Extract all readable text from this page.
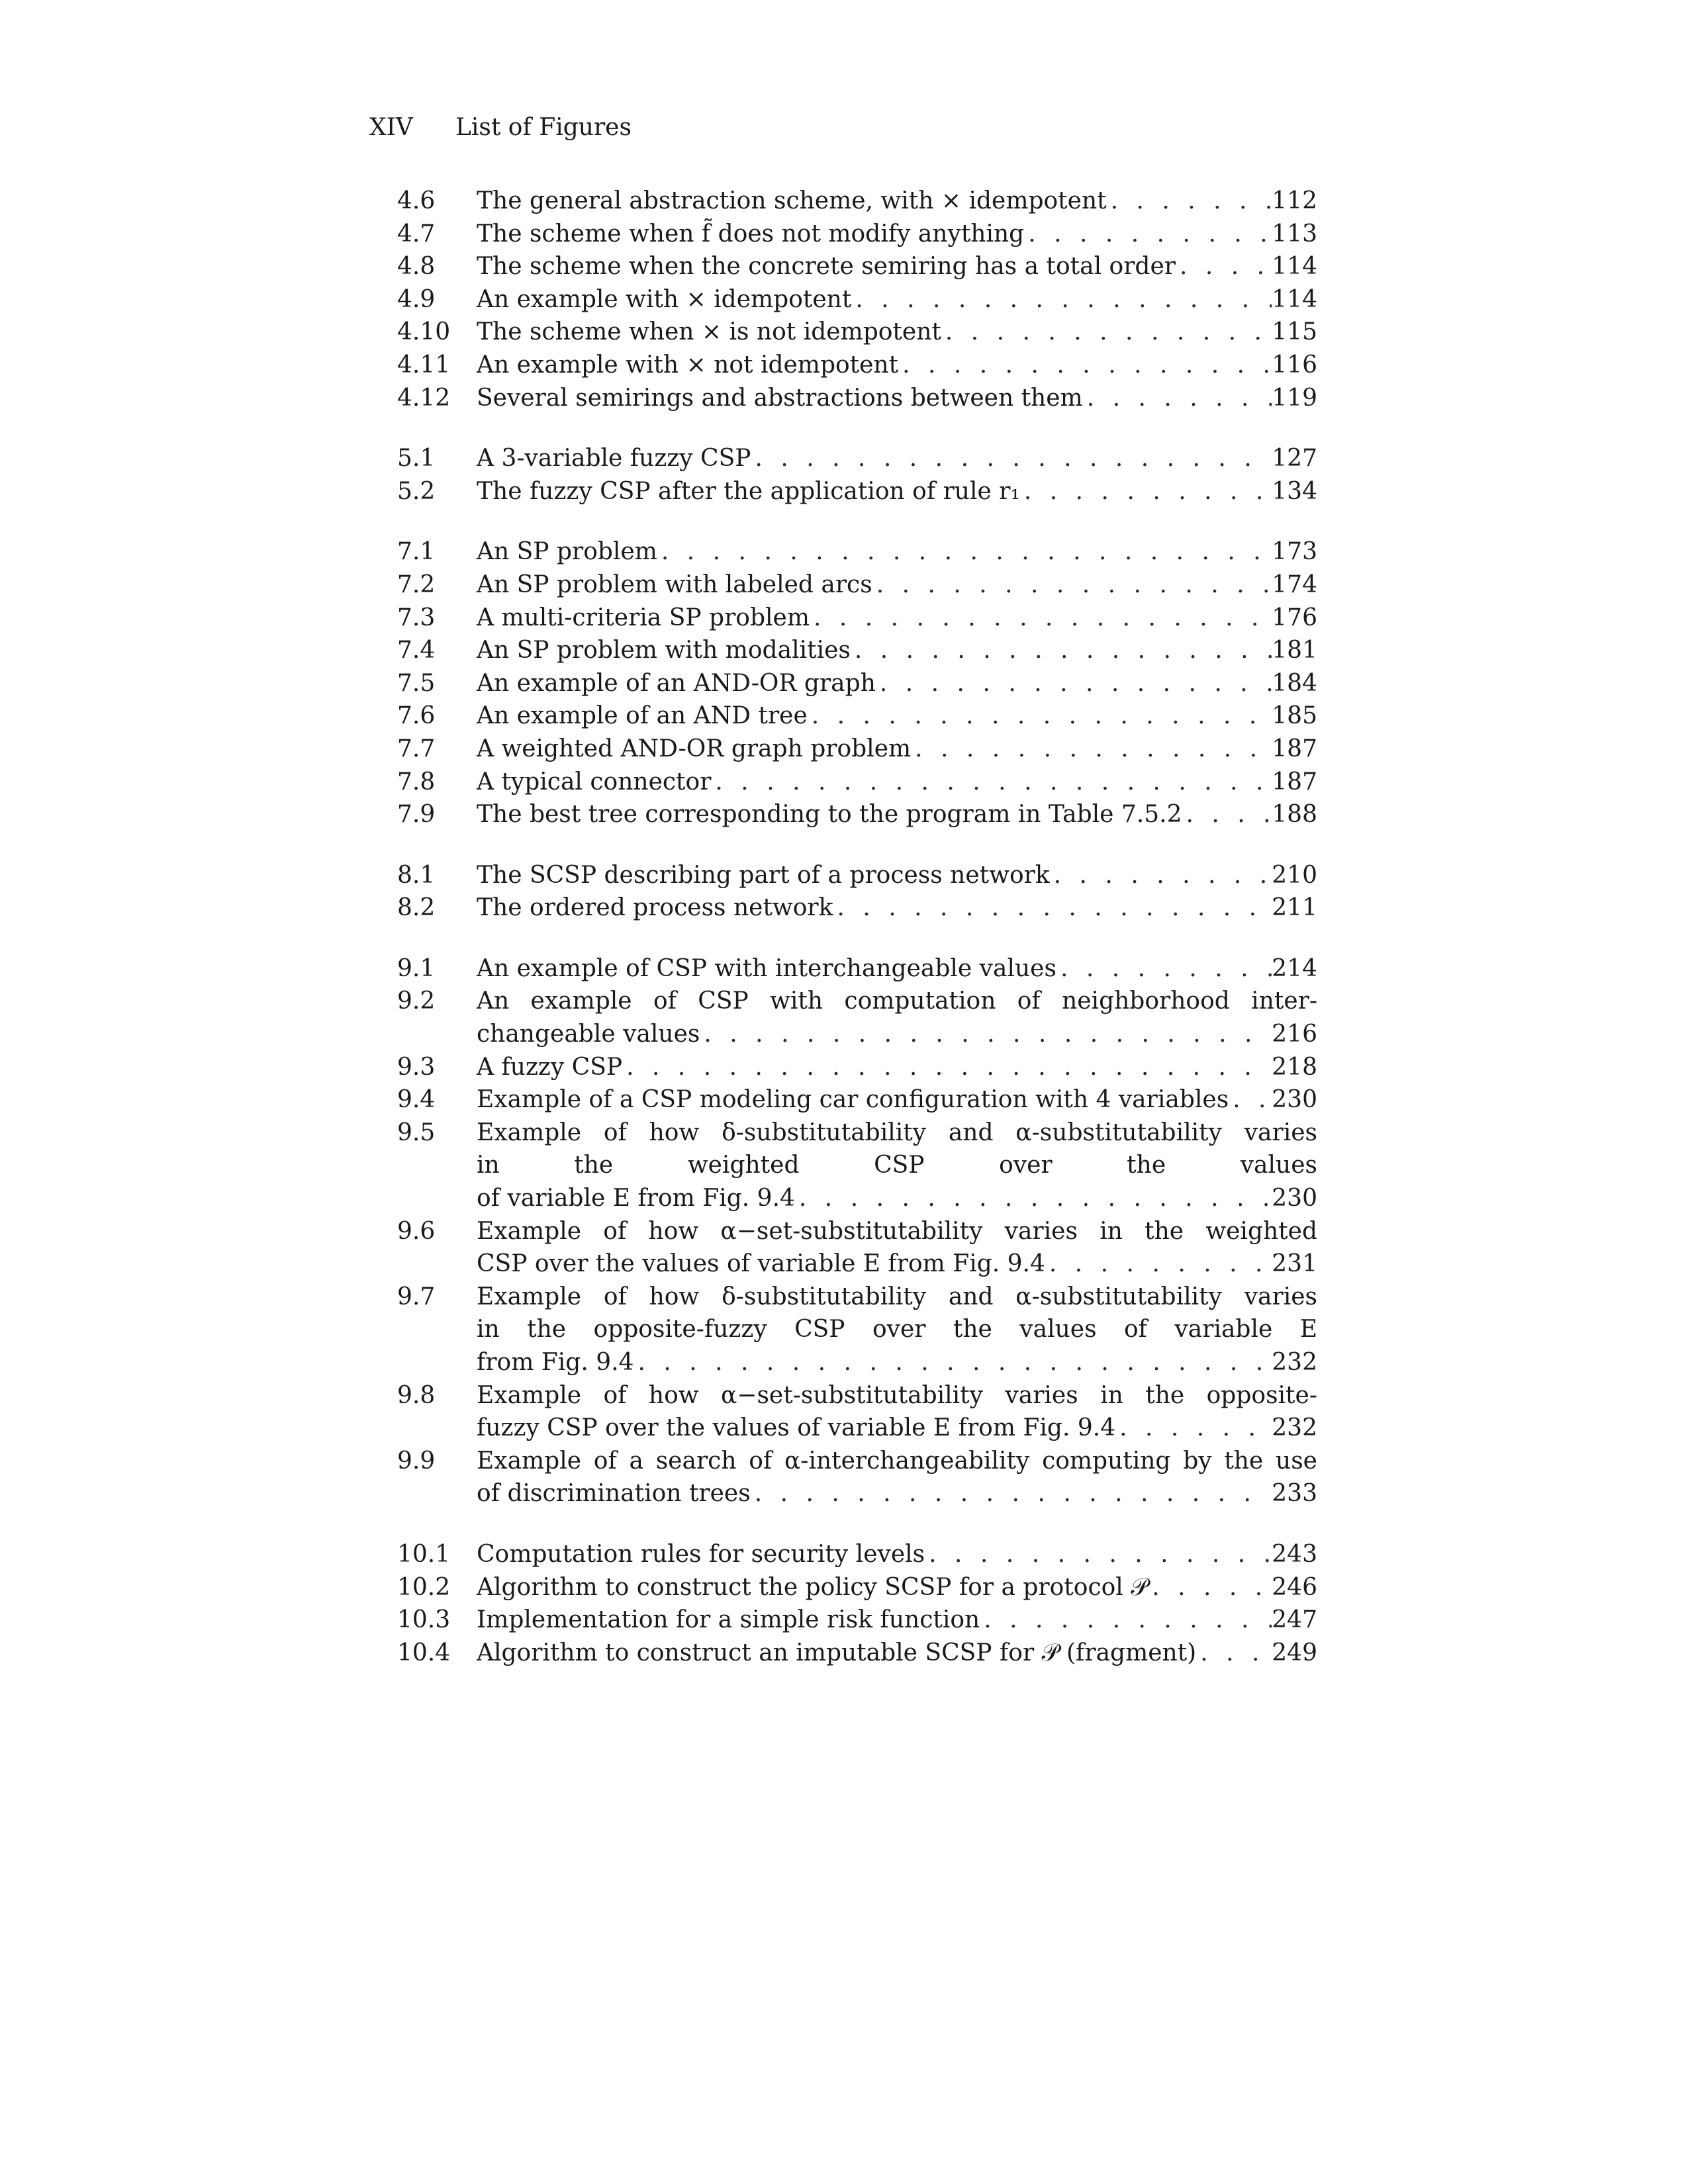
XIV List of Figures
4.6	The general abstraction scheme, with × idempotent . . .	112
4.7	The scheme when f̃ does not modify anything . . .	113
4.8	The scheme when the concrete semiring has a total order . . .	114
4.9	An example with × idempotent . . .	114
4.10	The scheme when × is not idempotent . . .	115
4.11	An example with × not idempotent . . .	116
4.12	Several semirings and abstractions between them . . .	119
5.1	A 3-variable fuzzy CSP . . .	127
5.2	The fuzzy CSP after the application of rule r₁ . . .	134
7.1	An SP problem . . .	173
7.2	An SP problem with labeled arcs . . .	174
7.3	A multi-criteria SP problem . . .	176
7.4	An SP problem with modalities . . .	181
7.5	An example of an AND-OR graph . . .	184
7.6	An example of an AND tree . . .	185
7.7	A weighted AND-OR graph problem . . .	187
7.8	A typical connector . . .	187
7.9	The best tree corresponding to the program in Table 7.5.2 . . .	188
8.1	The SCSP describing part of a process network . . .	210
8.2	The ordered process network . . .	211
9.1	An example of CSP with interchangeable values . . .	214
9.2	An example of CSP with computation of neighborhood inter-
changeable values . . .	216
9.3	A fuzzy CSP . . .	218
9.4	Example of a CSP modeling car configuration with 4 variables . . . 230
9.5	Example of how δ-substitutability and α-substitutability varies
in the weighted CSP over the values
of variable E from Fig. 9.4 . . .	230
9.6	Example of how α−set-substitutability varies in the weighted
CSP over the values of variable E from Fig. 9.4 . . .	231
9.7	Example of how δ-substitutability and α-substitutability varies
in the opposite-fuzzy CSP over the values of variable E
from Fig. 9.4 . . .	232
9.8	Example of how α−set-substitutability varies in the opposite-
fuzzy CSP over the values of variable E from Fig. 9.4 . . .	232
9.9	Example of a search of α-interchangeability computing by the use
of discrimination trees . . .	233
10.1	Computation rules for security levels . . .	243
10.2	Algorithm to construct the policy SCSP for a protocol 𝒫 . . .	246
10.3	Implementation for a simple risk function . . .	247
10.4	Algorithm to construct an imputable SCSP for 𝒫 (fragment) . . .	249
